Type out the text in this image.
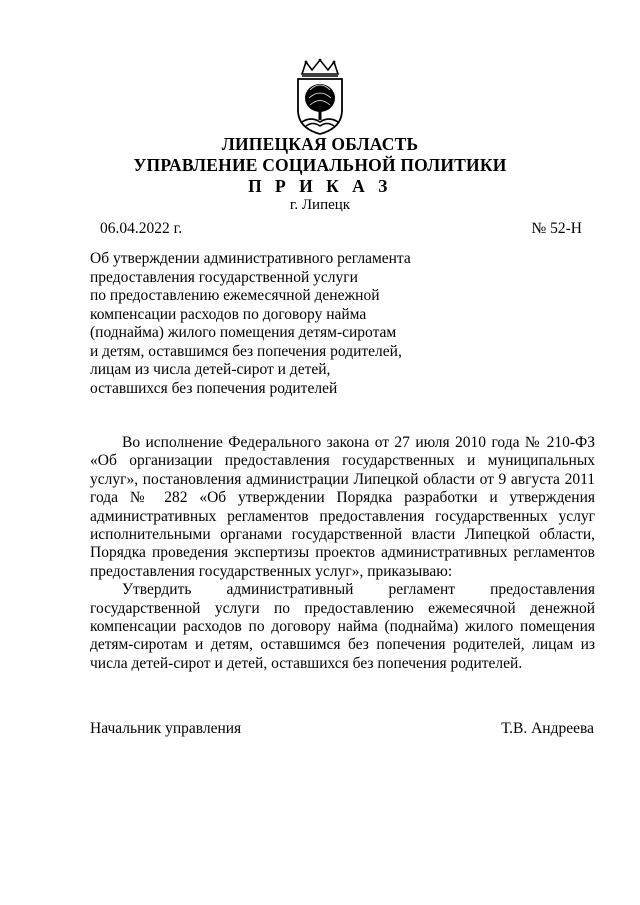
ЛИПЕЦКАЯ ОБЛАСТЬ
УПРАВЛЕНИЕ СОЦИАЛЬНОЙ ПОЛИТИКИ
П Р И К А З
г. Липецк
06.04.2022 г.	№ 52-Н
Об утверждении административного регламента
предоставления государственной услуги
по предоставлению ежемесячной денежной
компенсации расходов по договору найма
(поднайма) жилого помещения детям-сиротам
и детям, оставшимся без попечения родителей,
лицам из числа детей-сирот и детей,
оставшихся без попечения родителей

Во исполнение Федерального закона от 27 июля 2010 года № 210-ФЗ «Об организации предоставления государственных и муниципальных услуг», постановления администрации Липецкой области от 9 августа 2011 года № 282 «Об утверждении Порядка разработки и утверждения административных регламентов предоставления государственных услуг исполнительными органами государственной власти Липецкой области, Порядка проведения экспертизы проектов административных регламентов предоставления государственных услуг», приказываю:

Утвердить административный регламент предоставления государственной услуги по предоставлению ежемесячной денежной компенсации расходов по договору найма (поднайма) жилого помещения детям-сиротам и детям, оставшимся без попечения родителей, лицам из числа детей-сирот и детей, оставшихся без попечения родителей.

Начальник управления	Т.В. Андреева
